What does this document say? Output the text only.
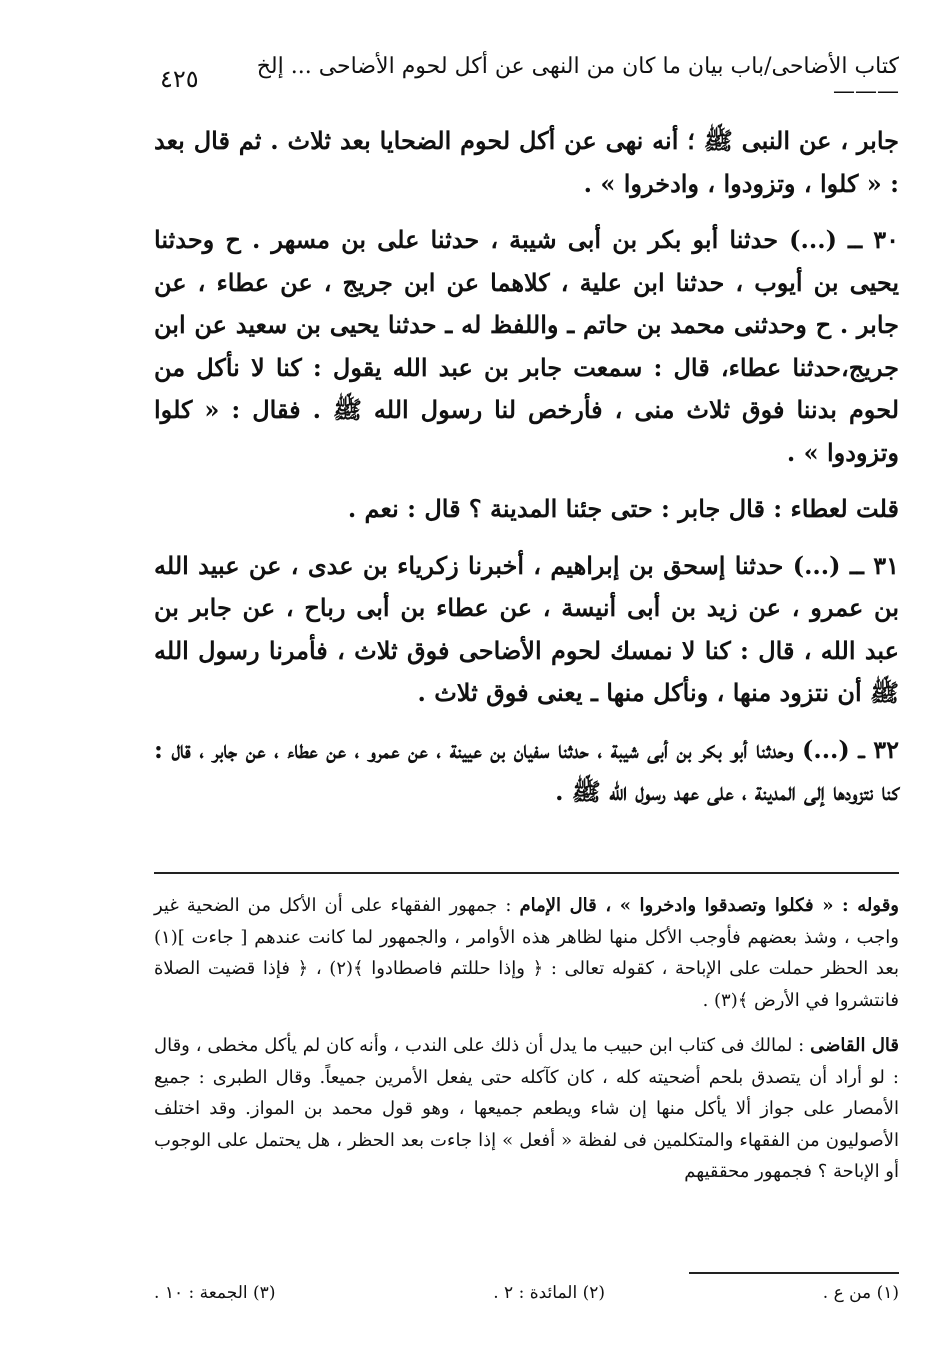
كتاب الأضاحى/باب بيان ما كان من النهى عن أكل لحوم الأضاحى ... إلخ ———
٤٢٥

جابر ، عن النبى ﷺ ؛ أنه نهى عن أكل لحوم الضحايا بعد ثلاث . ثم قال بعد : « كلوا ، وتزودوا ، وادخروا » .

٣٠ ــ (...) حدثنا أبو بكر بن أبى شيبة ، حدثنا على بن مسهر . ح وحدثنا يحيى بن أيوب ، حدثنا ابن علية ، كلاهما عن ابن جريج ، عن عطاء ، عن جابر . ح وحدثنى محمد بن حاتم ـ واللفظ له ـ حدثنا يحيى بن سعيد عن ابن جريج،حدثنا عطاء، قال : سمعت جابر بن عبد الله يقول : كنا لا نأكل من لحوم بدننا فوق ثلاث منى ، فأرخص لنا رسول الله ﷺ . فقال : « كلوا وتزودوا » .

قلت لعطاء : قال جابر : حتى جئنا المدينة ؟ قال : نعم .

٣١ ــ (...) حدثنا إسحق بن إبراهيم ، أخبرنا زكرياء بن عدى ، عن عبيد الله بن عمرو ، عن زيد بن أبى أنيسة ، عن عطاء بن أبى رباح ، عن جابر بن عبد الله ، قال : كنا لا نمسك لحوم الأضاحى فوق ثلاث ، فأمرنا رسول الله ﷺ أن نتزود منها ، ونأكل منها ـ يعنى فوق ثلاث .

٣٢ ــ (...) وحدثنا أبو بكر بن أبى شيبة ، حدثنا سفيان بن عيينة ، عن عمرو ، عن عطاء ، عن جابر ، قال : كنا نتزودها إلى المدينة ، على عهد رسول الله ﷺ .

وقوله : « فكلوا وتصدقوا وادخروا » ، قال الإمام : جمهور الفقهاء على أن الأكل من الضحية غير واجب ، وشذ بعضهم فأوجب الأكل منها لظاهر هذه الأوامر ، والجمهور لما كانت عندهم [ جاءت ](١) بعد الحظر حملت على الإباحة ، كقوله تعالى : ﴿ وإذا حللتم فاصطادوا ﴾(٢) ، ﴿ فإذا قضيت الصلاة فانتشروا في الأرض ﴾(٣) .

قال القاضى : لمالك فى كتاب ابن حبيب ما يدل أن ذلك على الندب ، وأنه كان لم يأكل مخطى ، وقال : لو أراد أن يتصدق بلحم أضحيته كله ، كان كآكله حتى يفعل الأمرين جميعاً. وقال الطبرى : جميع الأمصار على جواز ألا يأكل منها إن شاء ويطعم جميعها ، وهو قول محمد بن المواز. وقد اختلف الأصوليون من الفقهاء والمتكلمين فى لفظة « أفعل » إذا جاءت بعد الحظر ، هل يحتمل على الوجوب أو الإباحة ؟ فجمهور محققيهم

(١) من ع .
(٢) المائدة : ٢ .
(٣) الجمعة : ١٠ .
